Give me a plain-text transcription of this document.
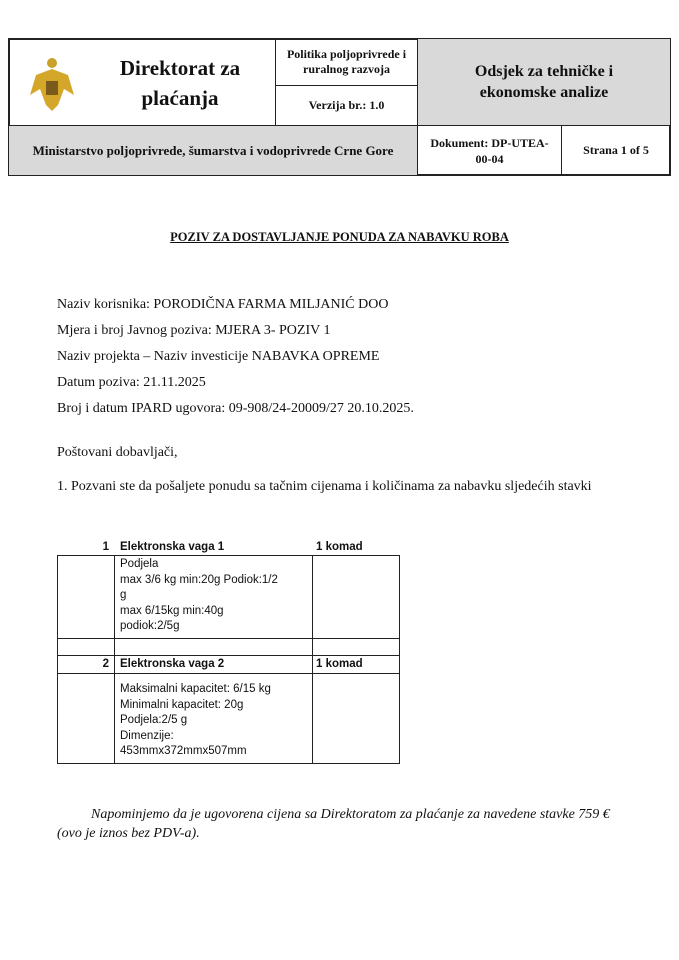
Direktorat za plaćanja
Politika poljoprivrede i ruralnog razvoja
Verzija br.: 1.0
Odsjek za tehničke i ekonomske analize
Ministarstvo poljoprivrede, šumarstva i vodoprivrede Crne Gore
Dokument: DP-UTEA-00-04
Strana 1 of 5
POZIV ZA DOSTAVLJANJE PONUDA ZA NABAVKU ROBA
Naziv korisnika: PORODIČNA FARMA MILJANIĆ DOO
Mjera i broj Javnog poziva: MJERA 3- POZIV 1
Naziv projekta – Naziv investicije NABAVKA OPREME
Datum poziva: 21.11.2025
Broj i datum IPARD ugovora: 09-908/24-20009/27 20.10.2025.
Poštovani dobavljači,
1. Pozvani ste da pošaljete ponudu sa tačnim cijenama i količinama za nabavku sljedećih stavki
1 Elektronska vaga 1	1 komad
Podjela
max 3/6 kg min:20g Podiok:1/2
g
max 6/15kg min:40g
podiok:2/5g
2 Elektronska vaga 2	1 komad
Maksimalni kapacitet: 6/15 kg
Minimalni kapacitet: 20g
Podjela:2/5 g
Dimenzije:
453mmx372mmx507mm
Napominjemo da je ugovorena cijena sa Direktoratom za plaćanje za navedene stavke 759 € (ovo je iznos bez PDV-a).
